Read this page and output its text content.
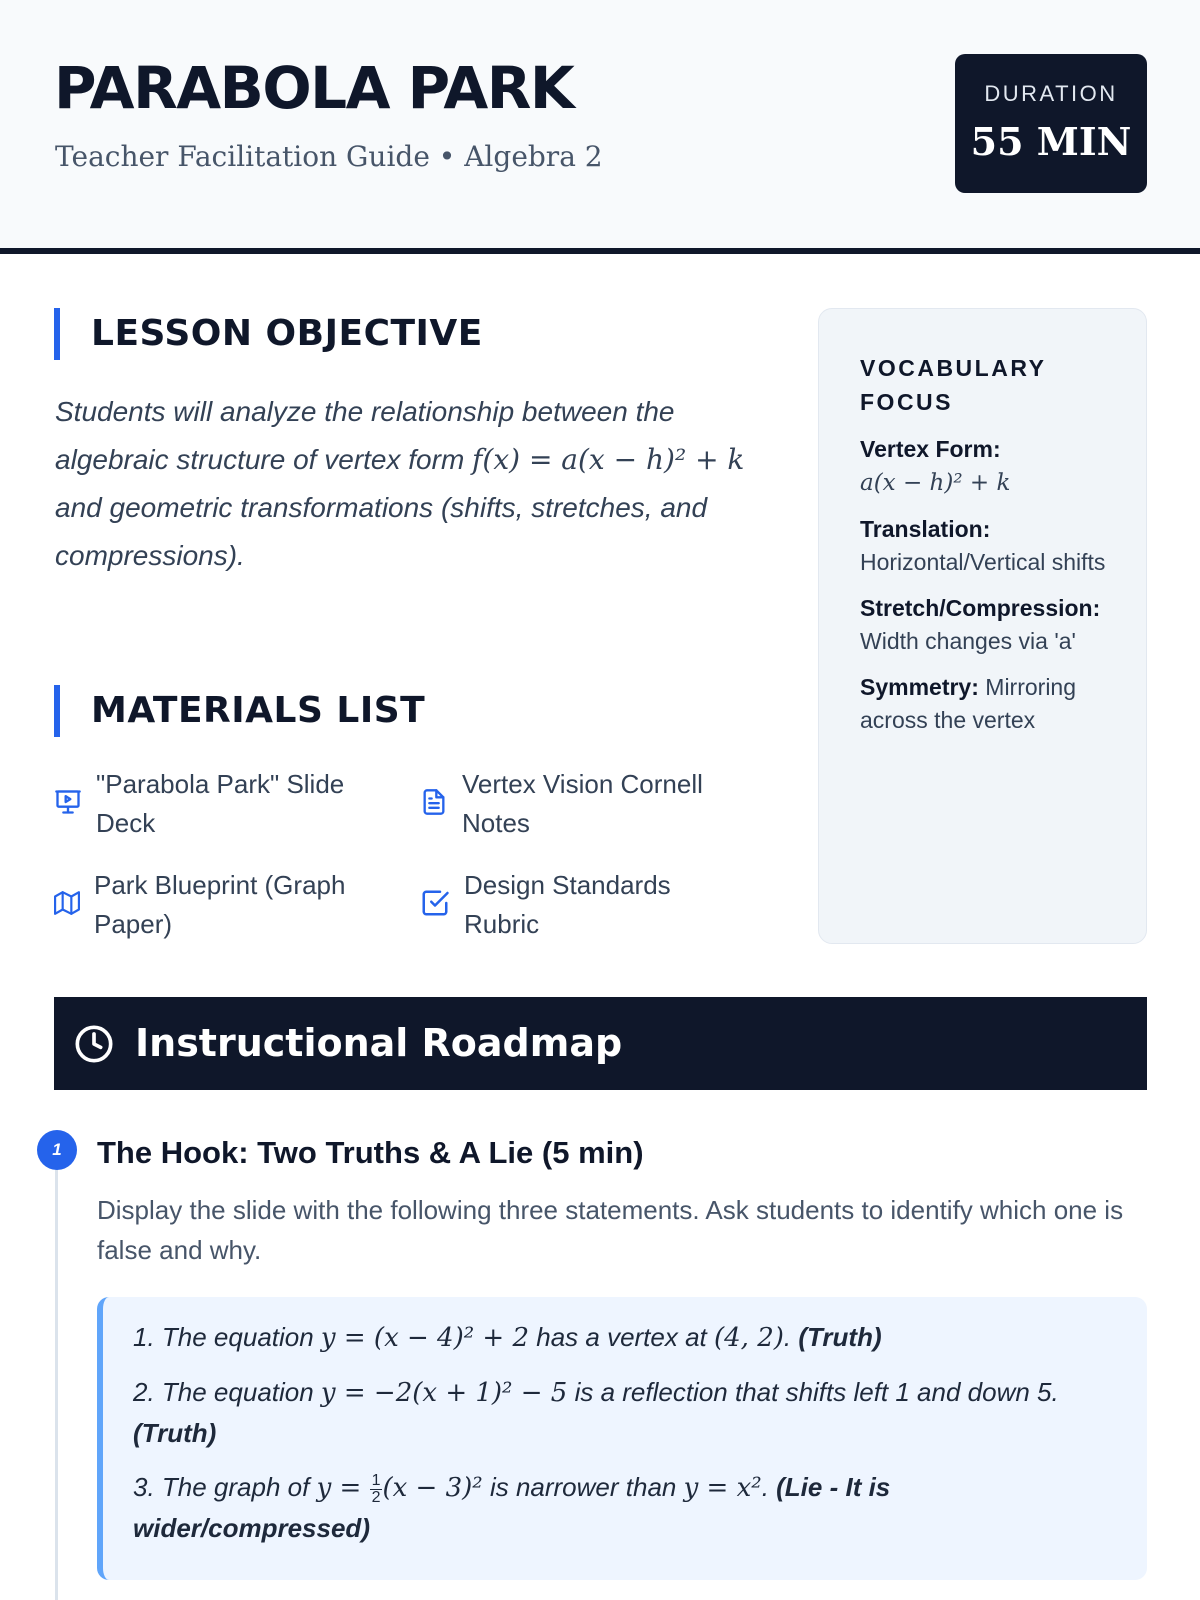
PARABOLA PARK
Teacher Facilitation Guide • Algebra 2
DURATION
55 MIN
LESSON OBJECTIVE
Students will analyze the relationship between the algebraic structure of vertex form f(x) = a(x − h)² + k and geometric transformations (shifts, stretches, and compressions).
MATERIALS LIST
"Parabola Park" Slide Deck
Vertex Vision Cornell Notes
Park Blueprint (Graph Paper)
Design Standards Rubric
VOCABULARY FOCUS
Vertex Form:
a(x − h)² + k
Translation:
Horizontal/Vertical shifts
Stretch/Compression:
Width changes via 'a'
Symmetry: Mirroring across the vertex
Instructional Roadmap
1	The Hook: Two Truths & A Lie (5 min)
Display the slide with the following three statements. Ask students to identify which one is false and why.

1. The equation y = (x − 4)² + 2 has a vertex at (4, 2). (Truth)

2. The equation y = −2(x + 1)² − 5 is a reflection that shifts left 1 and down 5. (Truth)

3. The graph of $y = \frac{1}{2} (x - 3)^2$ is narrower than y = x². (Lie - It is wider/compressed)
